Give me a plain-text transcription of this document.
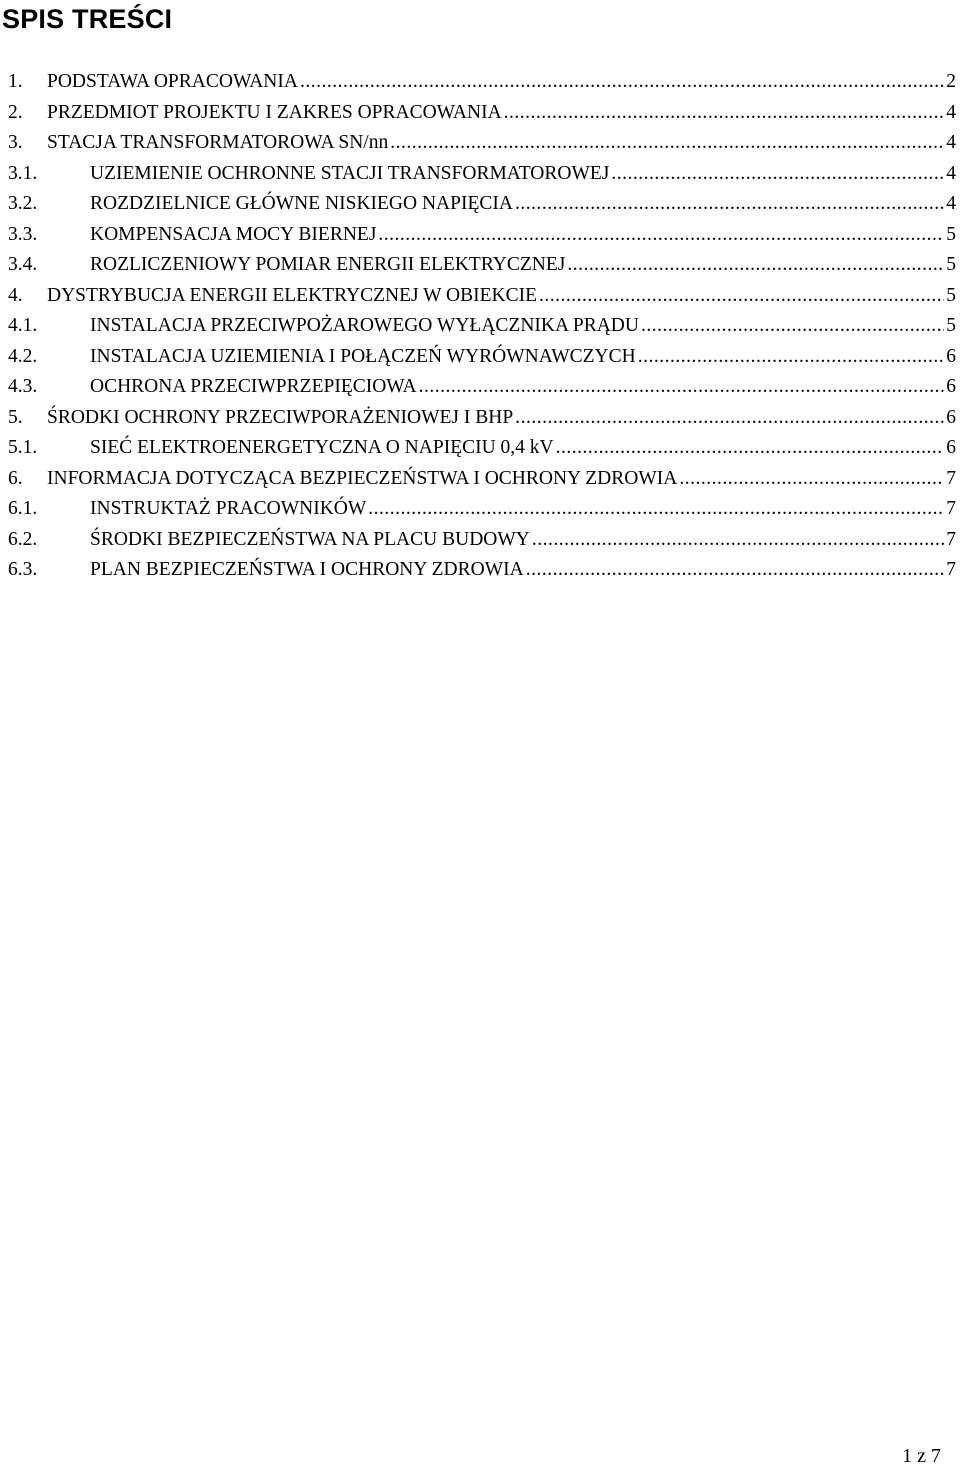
SPIS TREŚCI
1. PODSTAWA OPRACOWANIA .....	2
2. PRZEDMIOT PROJEKTU I ZAKRES OPRACOWANIA .....	4
3. STACJA TRANSFORMATOROWA SN/nn .....	4
3.1.	UZIEMIENIE OCHRONNE STACJI TRANSFORMATOROWEJ .....	4
3.2.	ROZDZIELNICE GŁÓWNE NISKIEGO NAPIĘCIA .....	4
3.3.	KOMPENSACJA MOCY BIERNEJ .....	5
3.4.	ROZLICZENIOWY POMIAR ENERGII ELEKTRYCZNEJ .....	5
4. DYSTRYBUCJA ENERGII ELEKTRYCZNEJ W OBIEKCIE .....	5
4.1.	INSTALACJA PRZECIWPOŻAROWEGO WYŁĄCZNIKA PRĄDU .....	5
4.2.	INSTALACJA UZIEMIENIA I POŁĄCZEŃ WYRÓWNAWCZYCH .....	6
4.3.	OCHRONA PRZECIWPRZEPIĘCIOWA .....	6
5. ŚRODKI OCHRONY PRZECIWPORAŻENIOWEJ I BHP .....	6
5.1.	SIEĆ ELEKTROENERGETYCZNA O NAPIĘCIU 0,4 kV .....	6
6. INFORMACJA DOTYCZĄCA BEZPIECZEŃSTWA I OCHRONY ZDROWIA .....	7
6.1.	INSTRUKTAŻ PRACOWNIKÓW .....	7
6.2.	ŚRODKI BEZPIECZEŃSTWA NA PLACU BUDOWY .....	7
6.3.	PLAN BEZPIECZEŃSTWA I OCHRONY ZDROWIA .....	7
1 z 7
